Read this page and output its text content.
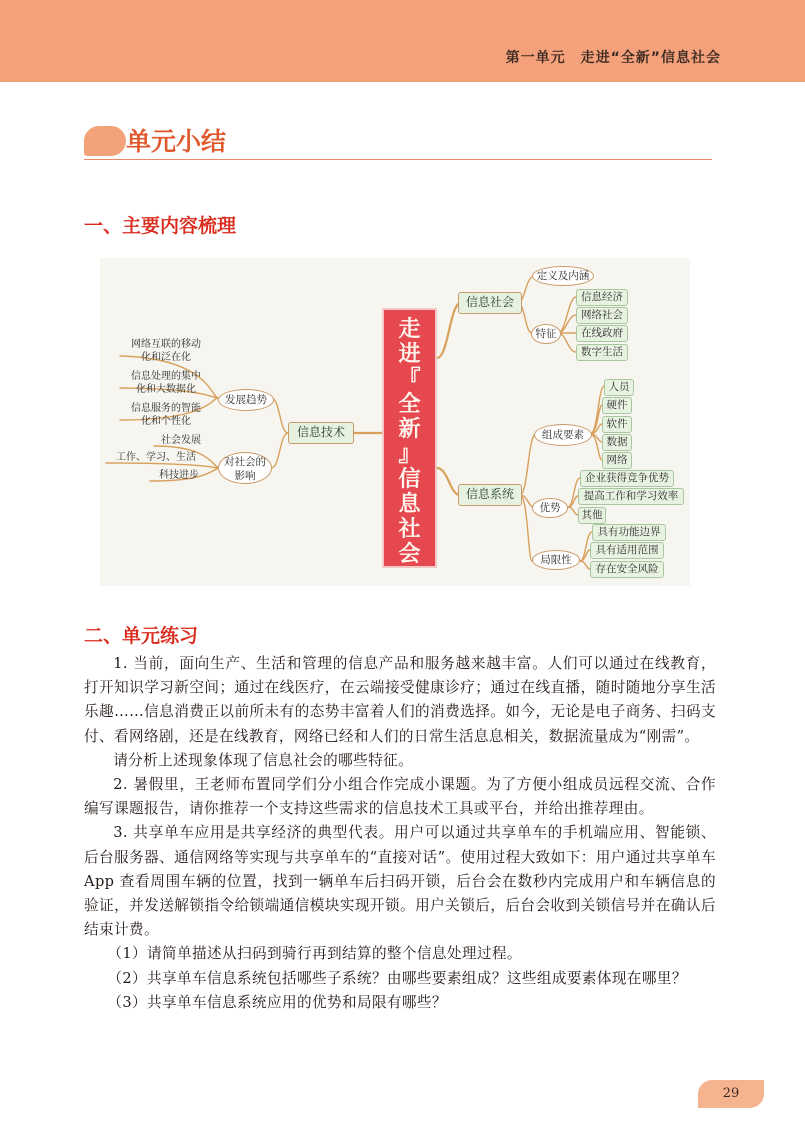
第一单元　走进“全新”信息社会
单元小结
一、主要内容梳理
走
进
『
全
新
』
信
息
社
会
信息社会
定义及内涵
特征
信息经济
网络社会
在线政府
数字生活
信息系统
组成要素
人员
硬件
软件
数据
网络
优势
企业获得竞争优势
提高工作和学习效率
其他
局限性
具有功能边界
具有适用范围
存在安全风险
信息技术
发展趋势
网络互联的移动
化和泛在化
信息处理的集中
化和大数据化
信息服务的智能
化和个性化
对社会的
影响
社会发展
工作、学习、生活
科技进步
二、单元练习

1. 当前，面向生产、生活和管理的信息产品和服务越来越丰富。人们可以通过在线教育，打开知识学习新空间；通过在线医疗，在云端接受健康诊疗；通过在线直播，随时随地分享生活乐趣……信息消费正以前所未有的态势丰富着人们的消费选择。如今，无论是电子商务、扫码支付、看网络剧，还是在线教育，网络已经和人们的日常生活息息相关，数据流量成为“刚需”。

请分析上述现象体现了信息社会的哪些特征。

2. 暑假里，王老师布置同学们分小组合作完成小课题。为了方便小组成员远程交流、合作编写课题报告，请你推荐一个支持这些需求的信息技术工具或平台，并给出推荐理由。

3. 共享单车应用是共享经济的典型代表。用户可以通过共享单车的手机端应用、智能锁、后台服务器、通信网络等实现与共享单车的“直接对话”。使用过程大致如下：用户通过共享单车 App 查看周围车辆的位置，找到一辆单车后扫码开锁，后台会在数秒内完成用户和车辆信息的验证，并发送解锁指令给锁端通信模块实现开锁。用户关锁后，后台会收到关锁信号并在确认后结束计费。

（1）请简单描述从扫码到骑行再到结算的整个信息处理过程。

（2）共享单车信息系统包括哪些子系统？由哪些要素组成？这些组成要素体现在哪里？

（3）共享单车信息系统应用的优势和局限有哪些？

29
